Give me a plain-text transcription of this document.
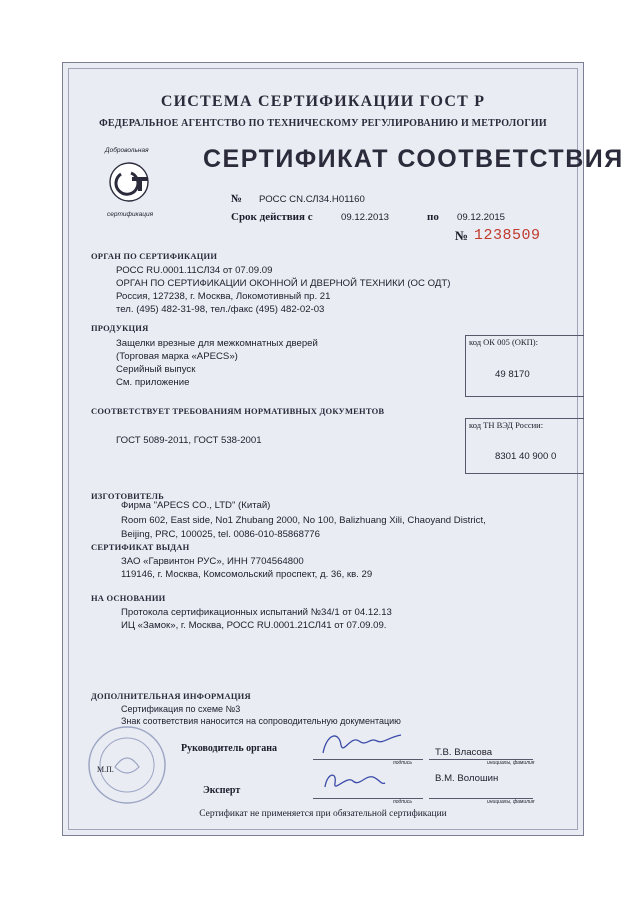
СИСТЕМА СЕРТИФИКАЦИИ ГОСТ Р
ФЕДЕРАЛЬНОЕ АГЕНТСТВО ПО ТЕХНИЧЕСКОМУ РЕГУЛИРОВАНИЮ И МЕТРОЛОГИИ
Добровольная
сертификация
СЕРТИФИКАТ СООТВЕТСТВИЯ
№ РОСС CN.СЛ34.Н01160
Срок действия с	09.12.2013	по 09.12.2015
№ 1238509
ОРГАН ПО СЕРТИФИКАЦИИ
РОСС RU.0001.11СЛ34 от 07.09.09
ОРГАН ПО СЕРТИФИКАЦИИ ОКОННОЙ И ДВЕРНОЙ ТЕХНИКИ (ОС ОДТ)
Россия, 127238, г. Москва, Локомотивный пр. 21
тел. (495) 482-31-98, тел./факс (495) 482-02-03
ПРОДУКЦИЯ
Защелки врезные для межкомнатных дверей
(Торговая марка «APECS»)
Серийный выпуск
См. приложение
код ОК 005 (ОКП):
49 8170
СООТВЕТСТВУЕТ ТРЕБОВАНИЯМ НОРМАТИВНЫХ ДОКУМЕНТОВ
код ТН ВЭД России:
ГОСТ 5089-2011, ГОСТ 538-2001
8301 40 900 0
ИЗГОТОВИТЕЛЬ
Фирма "APECS CO., LTD" (Китай)
Room 602, East side, No1 Zhubang 2000, No 100, Balizhuang Xili, Chaoyand District,
Beijing, PRC, 100025, tel. 0086-010-85868776
СЕРТИФИКАТ ВЫДАН
ЗАО «Гарвинтон РУС», ИНН 7704564800
119146, г. Москва, Комсомольский проспект, д. 36, кв. 29
НА ОСНОВАНИИ
Протокола сертификационных испытаний №34/1 от 04.12.13
ИЦ «Замок», г. Москва, РОСС RU.0001.21СЛ41 от 07.09.09.
ДОПОЛНИТЕЛЬНАЯ ИНФОРМАЦИЯ
Сертификация по схеме №3
Знак соответствия наносится на сопроводительную документацию
М.П.
Руководитель органа
подпись
Т.В. Власова
инициалы, фамилия
Эксперт
подпись
В.М. Волошин
инициалы, фамилия
Сертификат не применяется при обязательной сертификации
